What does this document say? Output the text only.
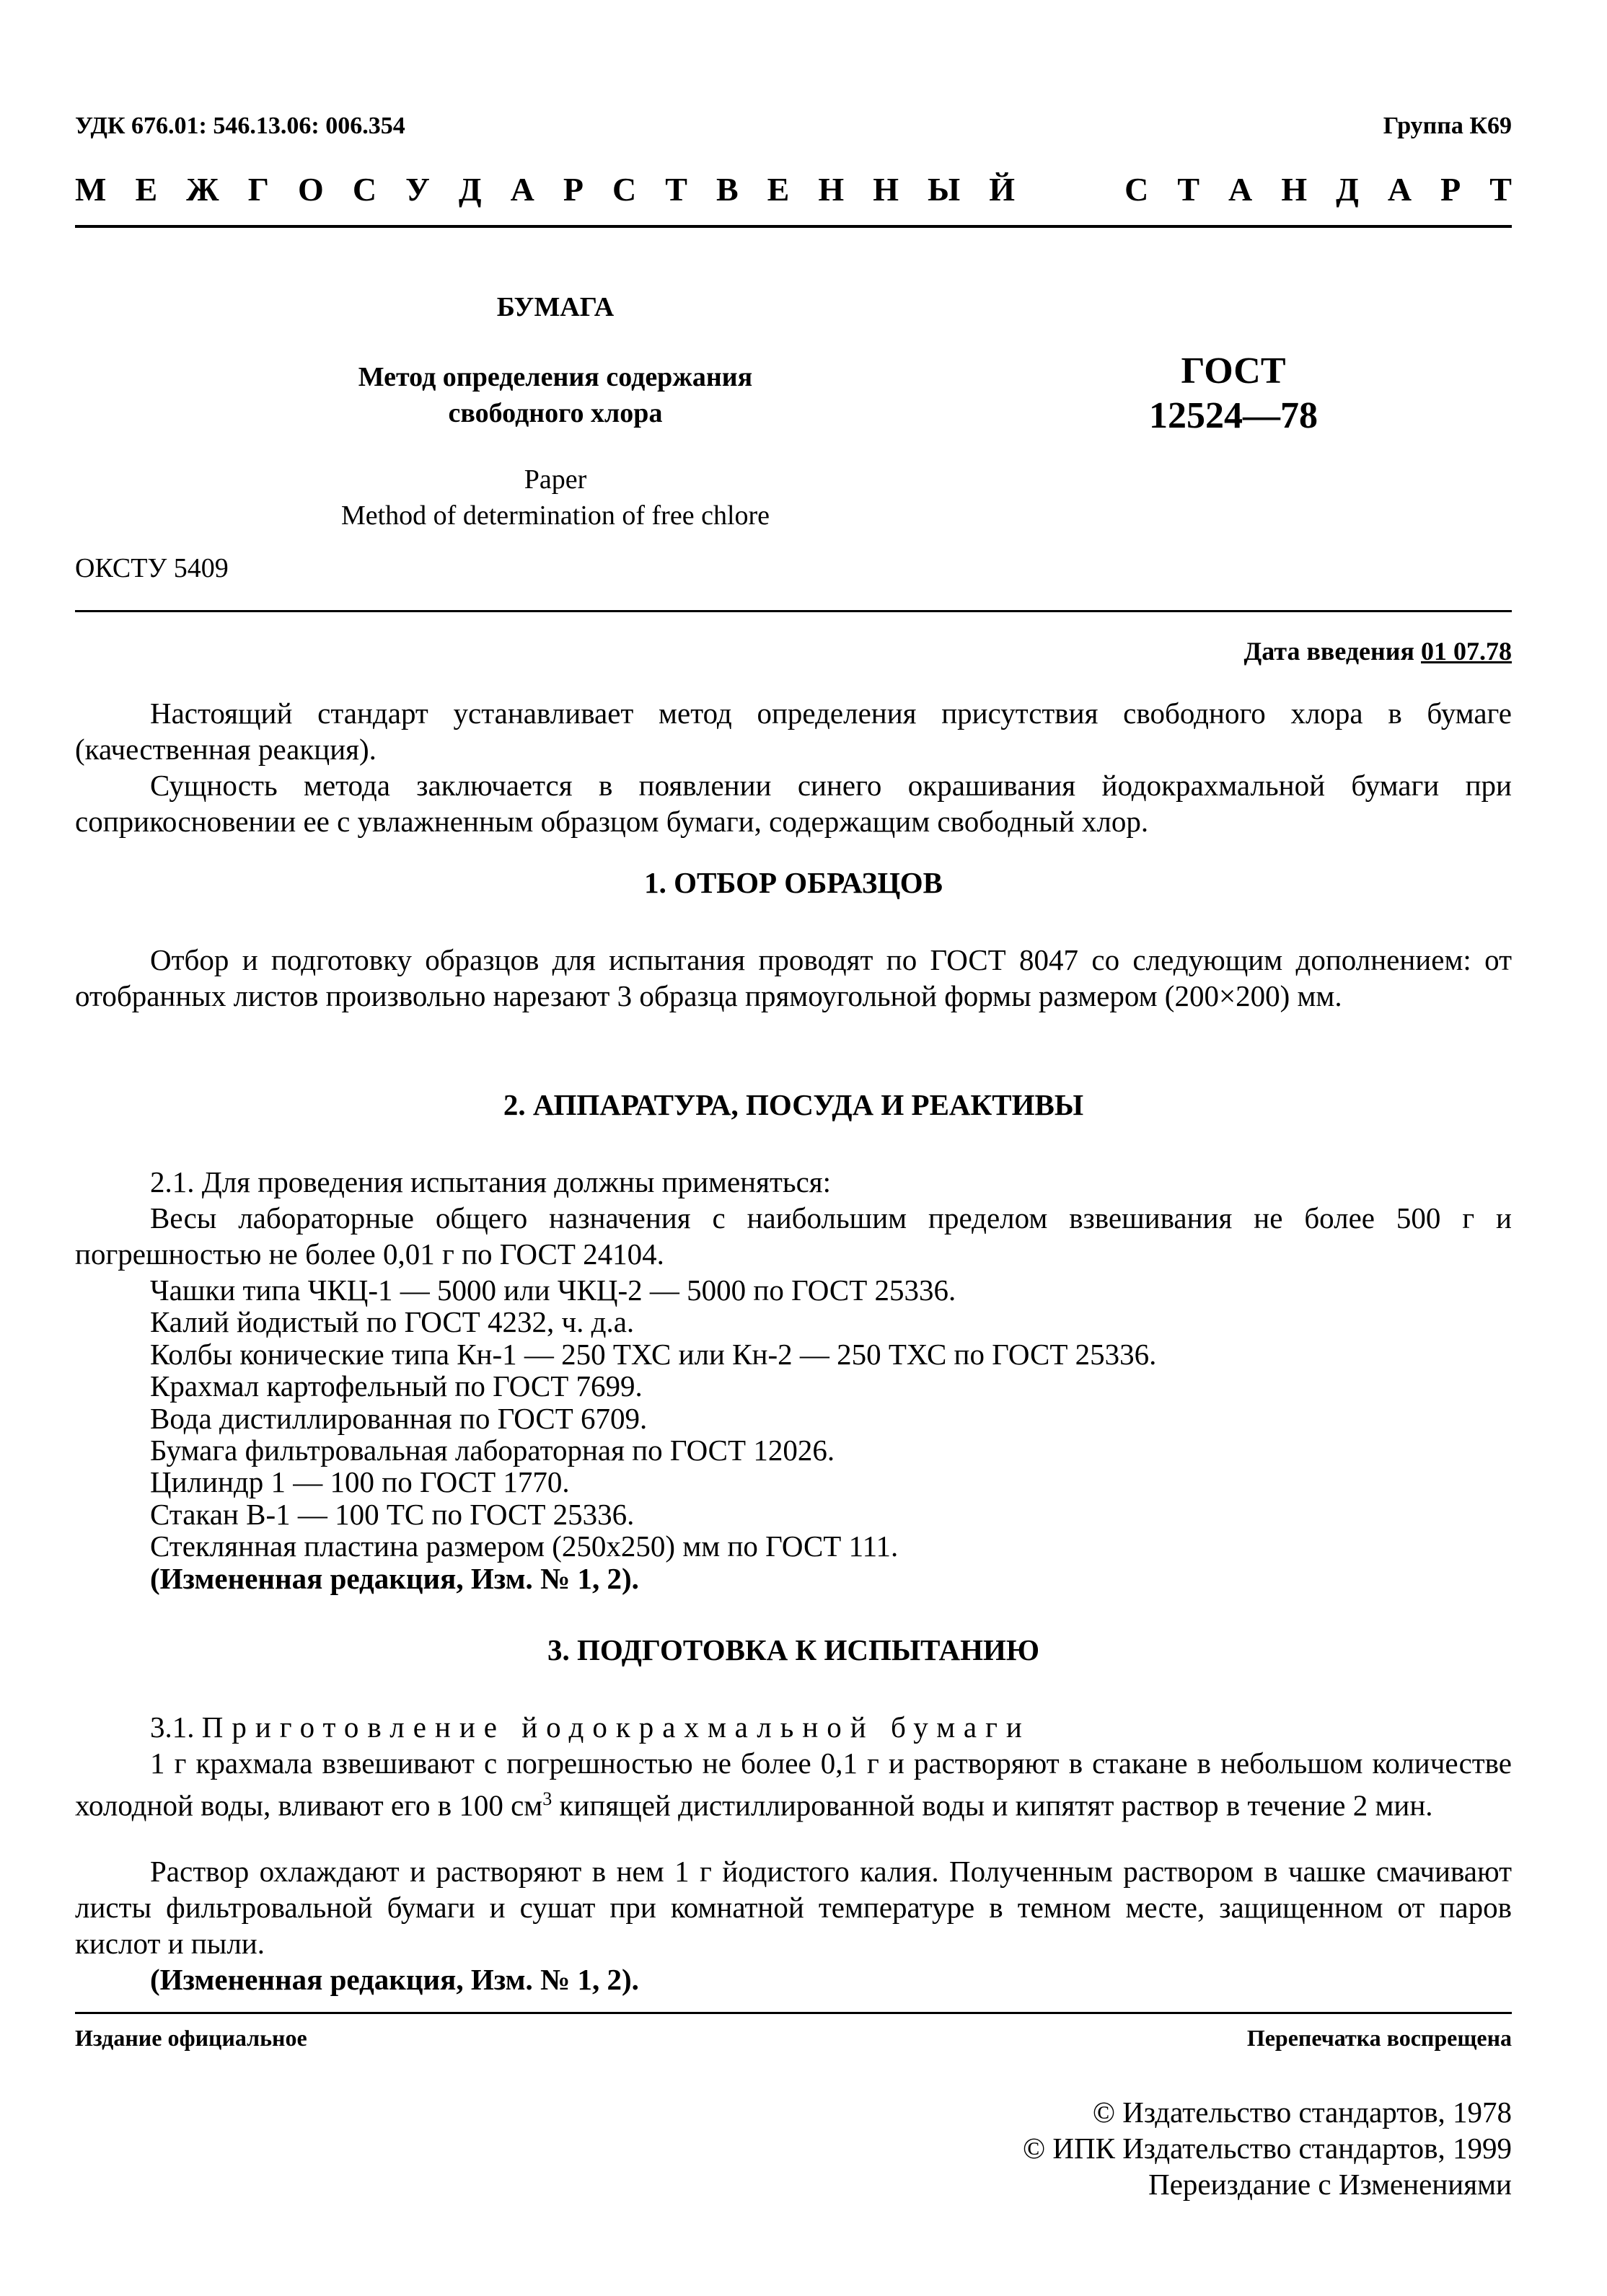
УДК 676.01: 546.13.06: 006.354	Группа К69
М Е Ж Г О С У Д А Р С Т В Е Н Н Ы Й	С Т А Н Д А Р Т
БУМАГА
Метод определения содержания
свободного хлора
ГОСТ
12524—78
Paper
Method of determination of free chlore
ОКСТУ 5409
Дата введения 01 07.78
Настоящий стандарт устанавливает метод определения присутствия свободного хлора в бумаге (качественная реакция).
Сущность метода заключается в появлении синего окрашивания йодокрахмальной бумаги при соприкосновении ее с увлажненным образцом бумаги, содержащим свободный хлор.
1. ОТБОР ОБРАЗЦОВ
Отбор и подготовку образцов для испытания проводят по ГОСТ 8047 со следующим дополнением: от отобранных листов произвольно нарезают 3 образца прямоугольной формы размером (200×200) мм.
2. АППАРАТУРА, ПОСУДА И РЕАКТИВЫ
2.1. Для проведения испытания должны применяться:
Весы лабораторные общего назначения с наибольшим пределом взвешивания не более 500 г и погрешностью не более 0,01 г по ГОСТ 24104.
Чашки типа ЧКЦ-1 — 5000 или ЧКЦ-2 — 5000 по ГОСТ 25336.
Калий йодистый по ГОСТ 4232, ч. д.а.
Колбы конические типа Кн-1 — 250 ТХС или Кн-2 — 250 ТХС по ГОСТ 25336.
Крахмал картофельный по ГОСТ 7699.
Вода дистиллированная по ГОСТ 6709.
Бумага фильтровальная лабораторная по ГОСТ 12026.
Цилиндр 1 — 100 по ГОСТ 1770.
Стакан В-1 — 100 ТС по ГОСТ 25336.
Стеклянная пластина размером (250х250) мм по ГОСТ 111.
(Измененная редакция, Изм. № 1, 2).
3. ПОДГОТОВКА К ИСПЫТАНИЮ
3.1. Приготовление йодокрахмальной бумаги
1 г крахмала взвешивают с погрешностью не более 0,1 г и растворяют в стакане в небольшом количестве холодной воды, вливают его в 100 $см^3$ кипящей дистиллированной воды и кипятят раствор в течение 2 мин.
Раствор охлаждают и растворяют в нем 1 г йодистого калия. Полученным раствором в чашке смачивают листы фильтровальной бумаги и сушат при комнатной температуре в темном месте, защищенном от паров кислот и пыли.
(Измененная редакция, Изм. № 1, 2).
Издание официальное	Перепечатка воспрещена
© Издательство стандартов, 1978
© ИПК Издательство стандартов, 1999
Переиздание с Изменениями
